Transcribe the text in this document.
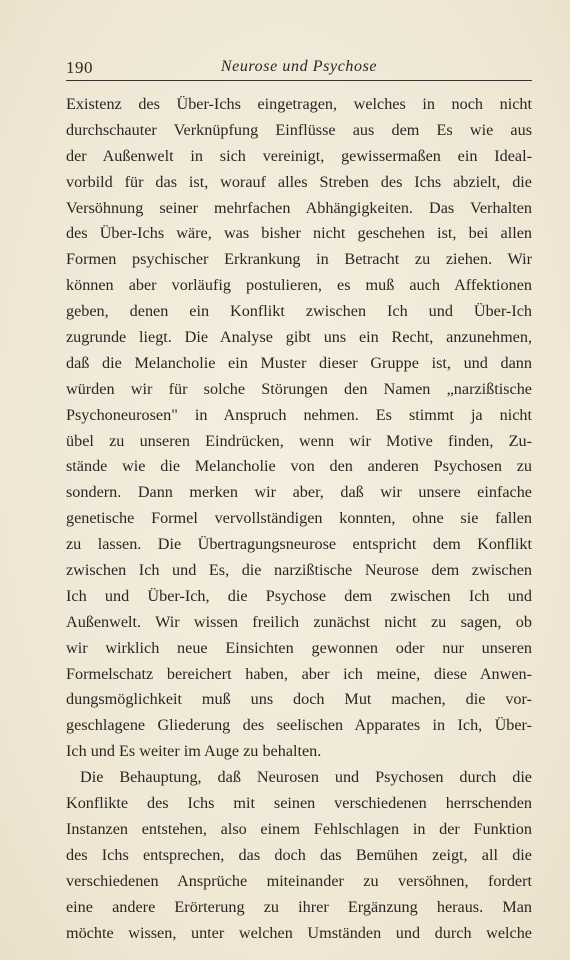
190	Neurose und Psychose
Existenz des Über-Ichs eingetragen, welches in noch nicht
durchschauter Verknüpfung Einflüsse aus dem Es wie aus
der Außenwelt in sich vereinigt, gewissermaßen ein Ideal-
vorbild für das ist, worauf alles Streben des Ichs abzielt, die
Versöhnung seiner mehrfachen Abhängigkeiten. Das Verhalten
des Über-Ichs wäre, was bisher nicht geschehen ist, bei allen
Formen psychischer Erkrankung in Betracht zu ziehen. Wir
können aber vorläufig postulieren, es muß auch Affektionen
geben, denen ein Konflikt zwischen Ich und Über-Ich
zugrunde liegt. Die Analyse gibt uns ein Recht, anzunehmen,
daß die Melancholie ein Muster dieser Gruppe ist, und dann
würden wir für solche Störungen den Namen „narzißtische
Psychoneurosen" in Anspruch nehmen. Es stimmt ja nicht
übel zu unseren Eindrücken, wenn wir Motive finden, Zu-
stände wie die Melancholie von den anderen Psychosen zu
sondern. Dann merken wir aber, daß wir unsere einfache
genetische Formel vervollständigen konnten, ohne sie fallen
zu lassen. Die Übertragungsneurose entspricht dem Konflikt
zwischen Ich und Es, die narzißtische Neurose dem zwischen
Ich und Über-Ich, die Psychose dem zwischen Ich und
Außenwelt. Wir wissen freilich zunächst nicht zu sagen, ob
wir wirklich neue Einsichten gewonnen oder nur unseren
Formelschatz bereichert haben, aber ich meine, diese Anwen-
dungsmöglichkeit muß uns doch Mut machen, die vor-
geschlagene Gliederung des seelischen Apparates in Ich, Über-
Ich und Es weiter im Auge zu behalten.
Die Behauptung, daß Neurosen und Psychosen durch die
Konflikte des Ichs mit seinen verschiedenen herrschenden
Instanzen entstehen, also einem Fehlschlagen in der Funktion
des Ichs entsprechen, das doch das Bemühen zeigt, all die
verschiedenen Ansprüche miteinander zu versöhnen, fordert
eine andere Erörterung zu ihrer Ergänzung heraus. Man
möchte wissen, unter welchen Umständen und durch welche
